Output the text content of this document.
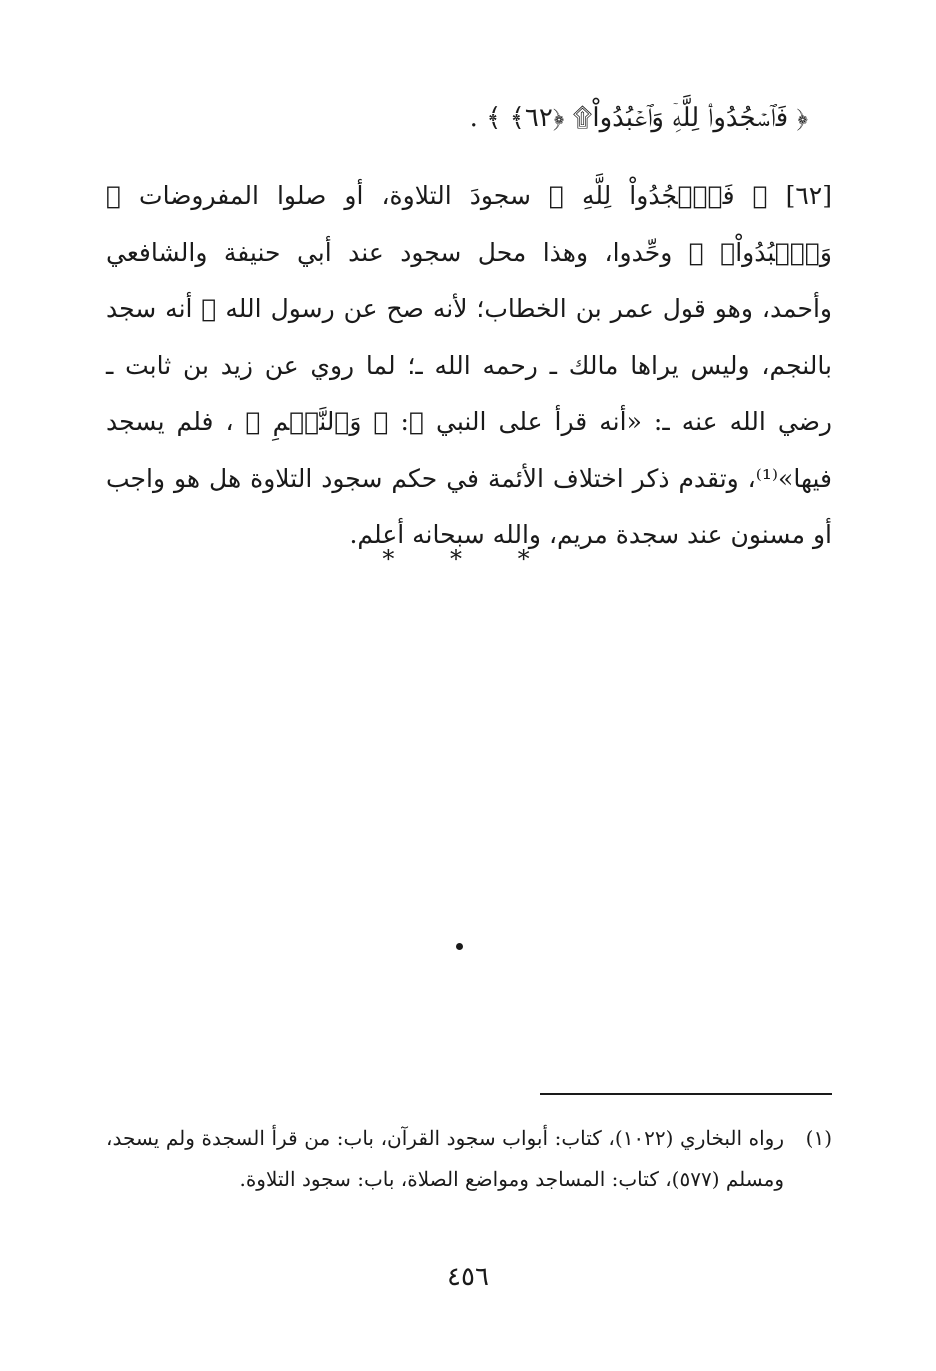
﴿ فَٱسۡجُدُواْۤ لِلَّهِۤ وَٱعۡبُدُواْ۩ ﴿٦٢﴾ ﴾ .

[٦٢] ﴿ فَٱسۡجُدُواْ لِلَّهِ ﴾ سجودَ التلاوة، أو صلوا المفروضات ﴿ وَٱعۡبُدُواْ۩ ﴾ وحِّدوا، وهذا محل سجود عند أبي حنيفة والشافعي وأحمد، وهو قول عمر بن الخطاب؛ لأنه صح عن رسول الله ﷺ أنه سجد بالنجم، وليس يراها مالك ـ رحمه الله ـ؛ لما روي عن زيد بن ثابت ـ رضي الله عنه ـ: «أنه قرأ على النبي ﷺ: ﴿ وَٱلنَّجۡمِ ﴾ ، فلم يسجد فيها»⁽¹⁾، وتقدم ذكر اختلاف الأئمة في حكم سجود التلاوة هل هو واجب أو مسنون عند سجدة مريم، والله سبحانه أعلم.

* * *
(١)
رواه البخاري (١٠٢٢)، كتاب: أبواب سجود القرآن، باب: من قرأ السجدة ولم يسجد، ومسلم (٥٧٧)، كتاب: المساجد ومواضع الصلاة، باب: سجود التلاوة.
٤٥٦
